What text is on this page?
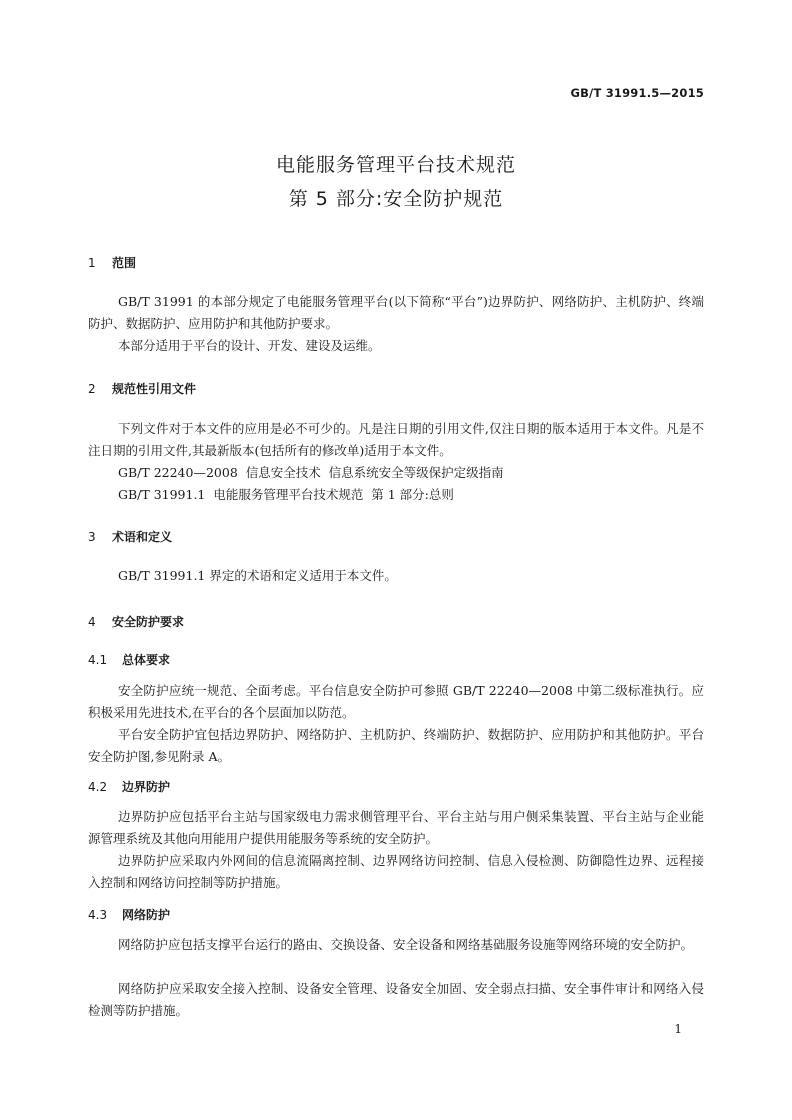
GB/T 31991.5—2015
电能服务管理平台技术规范
第 5 部分:安全防护规范
1 范围
GB/T 31991 的本部分规定了电能服务管理平台(以下简称“平台”)边界防护、网络防护、主机防护、终端防护、数据防护、应用防护和其他防护要求。
本部分适用于平台的设计、开发、建设及运维。
2 规范性引用文件
下列文件对于本文件的应用是必不可少的。凡是注日期的引用文件,仅注日期的版本适用于本文件。凡是不注日期的引用文件,其最新版本(包括所有的修改单)适用于本文件。
GB/T 22240—2008  信息安全技术  信息系统安全等级保护定级指南
GB/T 31991.1  电能服务管理平台技术规范  第 1 部分:总则
3 术语和定义
GB/T 31991.1 界定的术语和定义适用于本文件。
4 安全防护要求
4.1 总体要求
安全防护应统一规范、全面考虑。平台信息安全防护可参照 GB/T 22240—2008 中第二级标准执行。应积极采用先进技术,在平台的各个层面加以防范。
平台安全防护宜包括边界防护、网络防护、主机防护、终端防护、数据防护、应用防护和其他防护。平台安全防护图,参见附录 A。
4.2 边界防护
边界防护应包括平台主站与国家级电力需求侧管理平台、平台主站与用户侧采集装置、平台主站与企业能源管理系统及其他向用能用户提供用能服务等系统的安全防护。
边界防护应采取内外网间的信息流隔离控制、边界网络访问控制、信息入侵检测、防御隐性边界、远程接入控制和网络访问控制等防护措施。
4.3 网络防护
网络防护应包括支撑平台运行的路由、交换设备、安全设备和网络基础服务设施等网络环境的安全防护。
网络防护应采取安全接入控制、设备安全管理、设备安全加固、安全弱点扫描、安全事件审计和网络入侵检测等防护措施。
1
